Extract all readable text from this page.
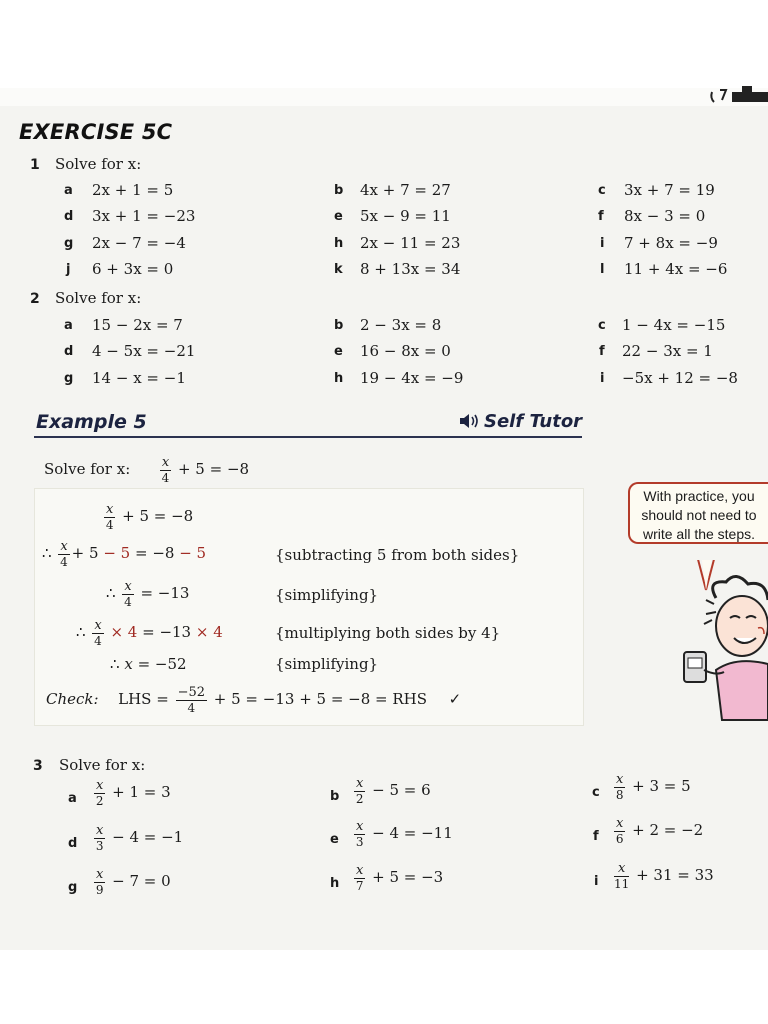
EXERCISE 5C
1 Solve for x:
a 2x + 1 = 5	b 4x + 7 = 27	c 3x + 7 = 19
d 3x + 1 = −23	e 5x − 9 = 11	f 8x − 3 = 0
g 2x − 7 = −4	h 2x − 11 = 23	i 7 + 8x = −9
j 6 + 3x = 0	k 8 + 13x = 34	l 11 + 4x = −6
2 Solve for x:
a 15 − 2x = 7	b 2 − 3x = 8	c 1 − 4x = −15
d 4 − 5x = −21	e 16 − 8x = 0	f 22 − 3x = 1
g 14 − x = −1	h 19 − 4x = −9	i −5x + 12 = −8
Example 5	Self Tutor
Solve for x: $\frac{x}{4} + 5 = -8$
$\frac{x}{4} + 5 = -8$
∴ $\frac{x}{4} + 5 - 5 = -8 - 5$	{subtracting 5 from both sides}
∴ $\frac{x}{4} = -13$	{simplifying}
∴ $\frac{x}{4} \times 4 = -13 \times 4$	{multiplying both sides by 4}
∴ x = −52	{simplifying}
Check: LHS = $\frac{-52}{4} + 5 = -13 + 5 = -8$ = RHS ✓
With practice, you
should not need to
write all the steps.
3 Solve for x:
a $\frac{x}{2} + 1 = 3$	b $\frac{x}{2} - 5 = 6$	c $\frac{x}{8} + 3 = 5$
d $\frac{x}{3} - 4 = -1$	e $\frac{x}{3} - 4 = -11$	f $\frac{x}{6} + 2 = -2$
g $\frac{x}{9} - 7 = 0$	h $\frac{x}{7} + 5 = -3$	i $\frac{x}{11} + 31 = 33$
